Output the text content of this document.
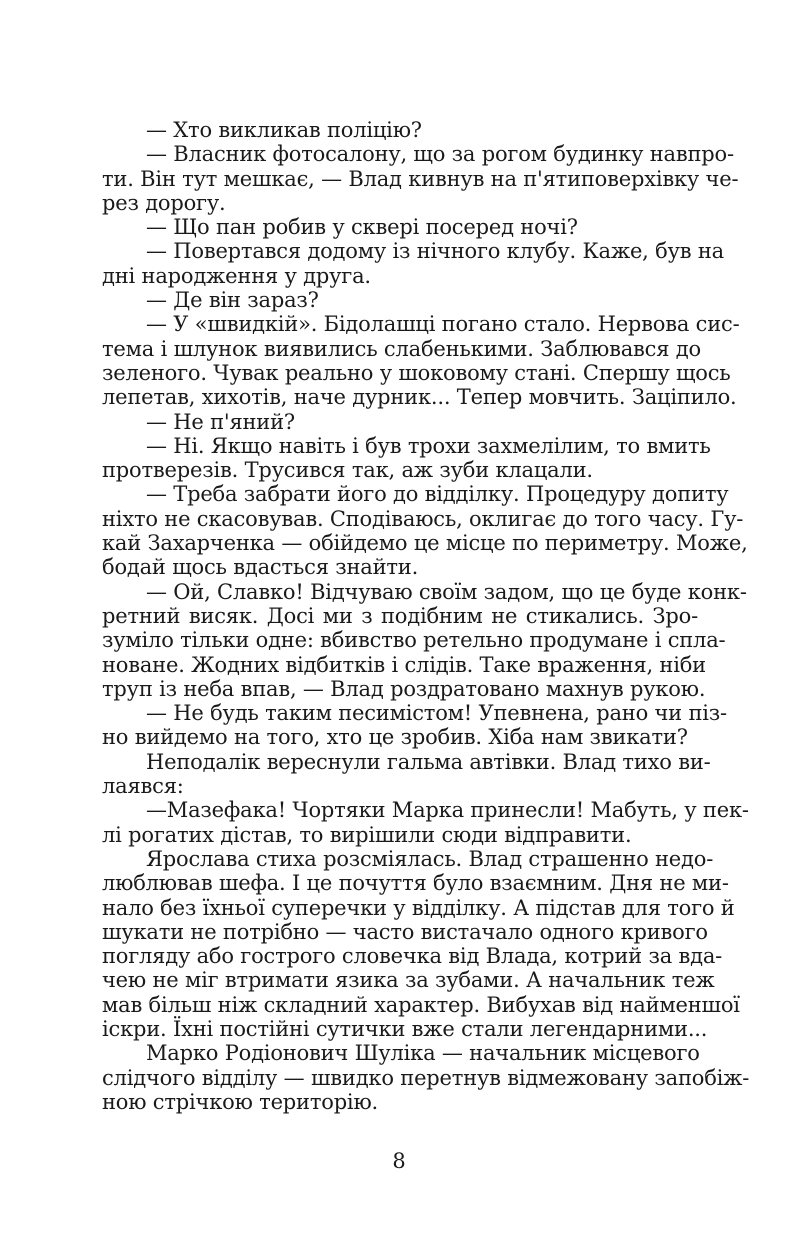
— Хто викликав поліцію?
— Власник фотосалону, що за рогом будинку навпро-
ти. Він тут мешкає, — Влад кивнув на п'ятиповерхівку че-
рез дорогу.
— Що пан робив у сквері посеред ночі?
— Повертався додому із нічного клубу. Каже, був на
дні народження у друга.
— Де він зараз?
— У «швидкій». Бідолашці погано стало. Нервова сис-
тема і шлунок виявились слабенькими. Заблювався до
зеленого. Чувак реально у шоковому стані. Спершу щось
лепетав, хихотів, наче дурник... Тепер мовчить. Заціпило.
— Не п'яний?
— Ні. Якщо навіть і був трохи захмелілим, то вмить
протверезів. Трусився так, аж зуби клацали.
— Треба забрати його до відділку. Процедуру допиту
ніхто не скасовував. Сподіваюсь, оклигає до того часу. Гу-
кай Захарченка — обійдемо це місце по периметру. Може,
бодай щось вдасться знайти.
— Ой, Славко! Відчуваю своїм задом, що це буде конк-
ретний висяк. Досі ми з подібним не стикались. Зро-
зуміло тільки одне: вбивство ретельно продумане і спла-
новане. Жодних відбитків і слідів. Таке враження, ніби
труп із неба впав, — Влад роздратовано махнув рукою.
— Не будь таким песимістом! Упевнена, рано чи піз-
но вийдемо на того, хто це зробив. Хіба нам звикати?
Неподалік вереснули гальма автівки. Влад тихо ви-
лаявся:
—Мазефака! Чортяки Марка принесли! Мабуть, у пек-
лі рогатих дістав, то вирішили сюди відправити.
Ярослава стиха розсміялась. Влад страшенно недо-
люблював шефа. І це почуття було взаємним. Дня не ми-
нало без їхньої суперечки у відділку. А підстав для того й
шукати не потрібно — часто вистачало одного кривого
погляду або гострого словечка від Влада, котрий за вда-
чею не міг втримати язика за зубами. А начальник теж
мав більш ніж складний характер. Вибухав від найменшої
іскри. Їхні постійні сутички вже стали легендарними...
Марко Родіонович Шуліка — начальник місцевого
слідчого відділу — швидко перетнув відмежовану запобіж-
ною стрічкою територію.
8
